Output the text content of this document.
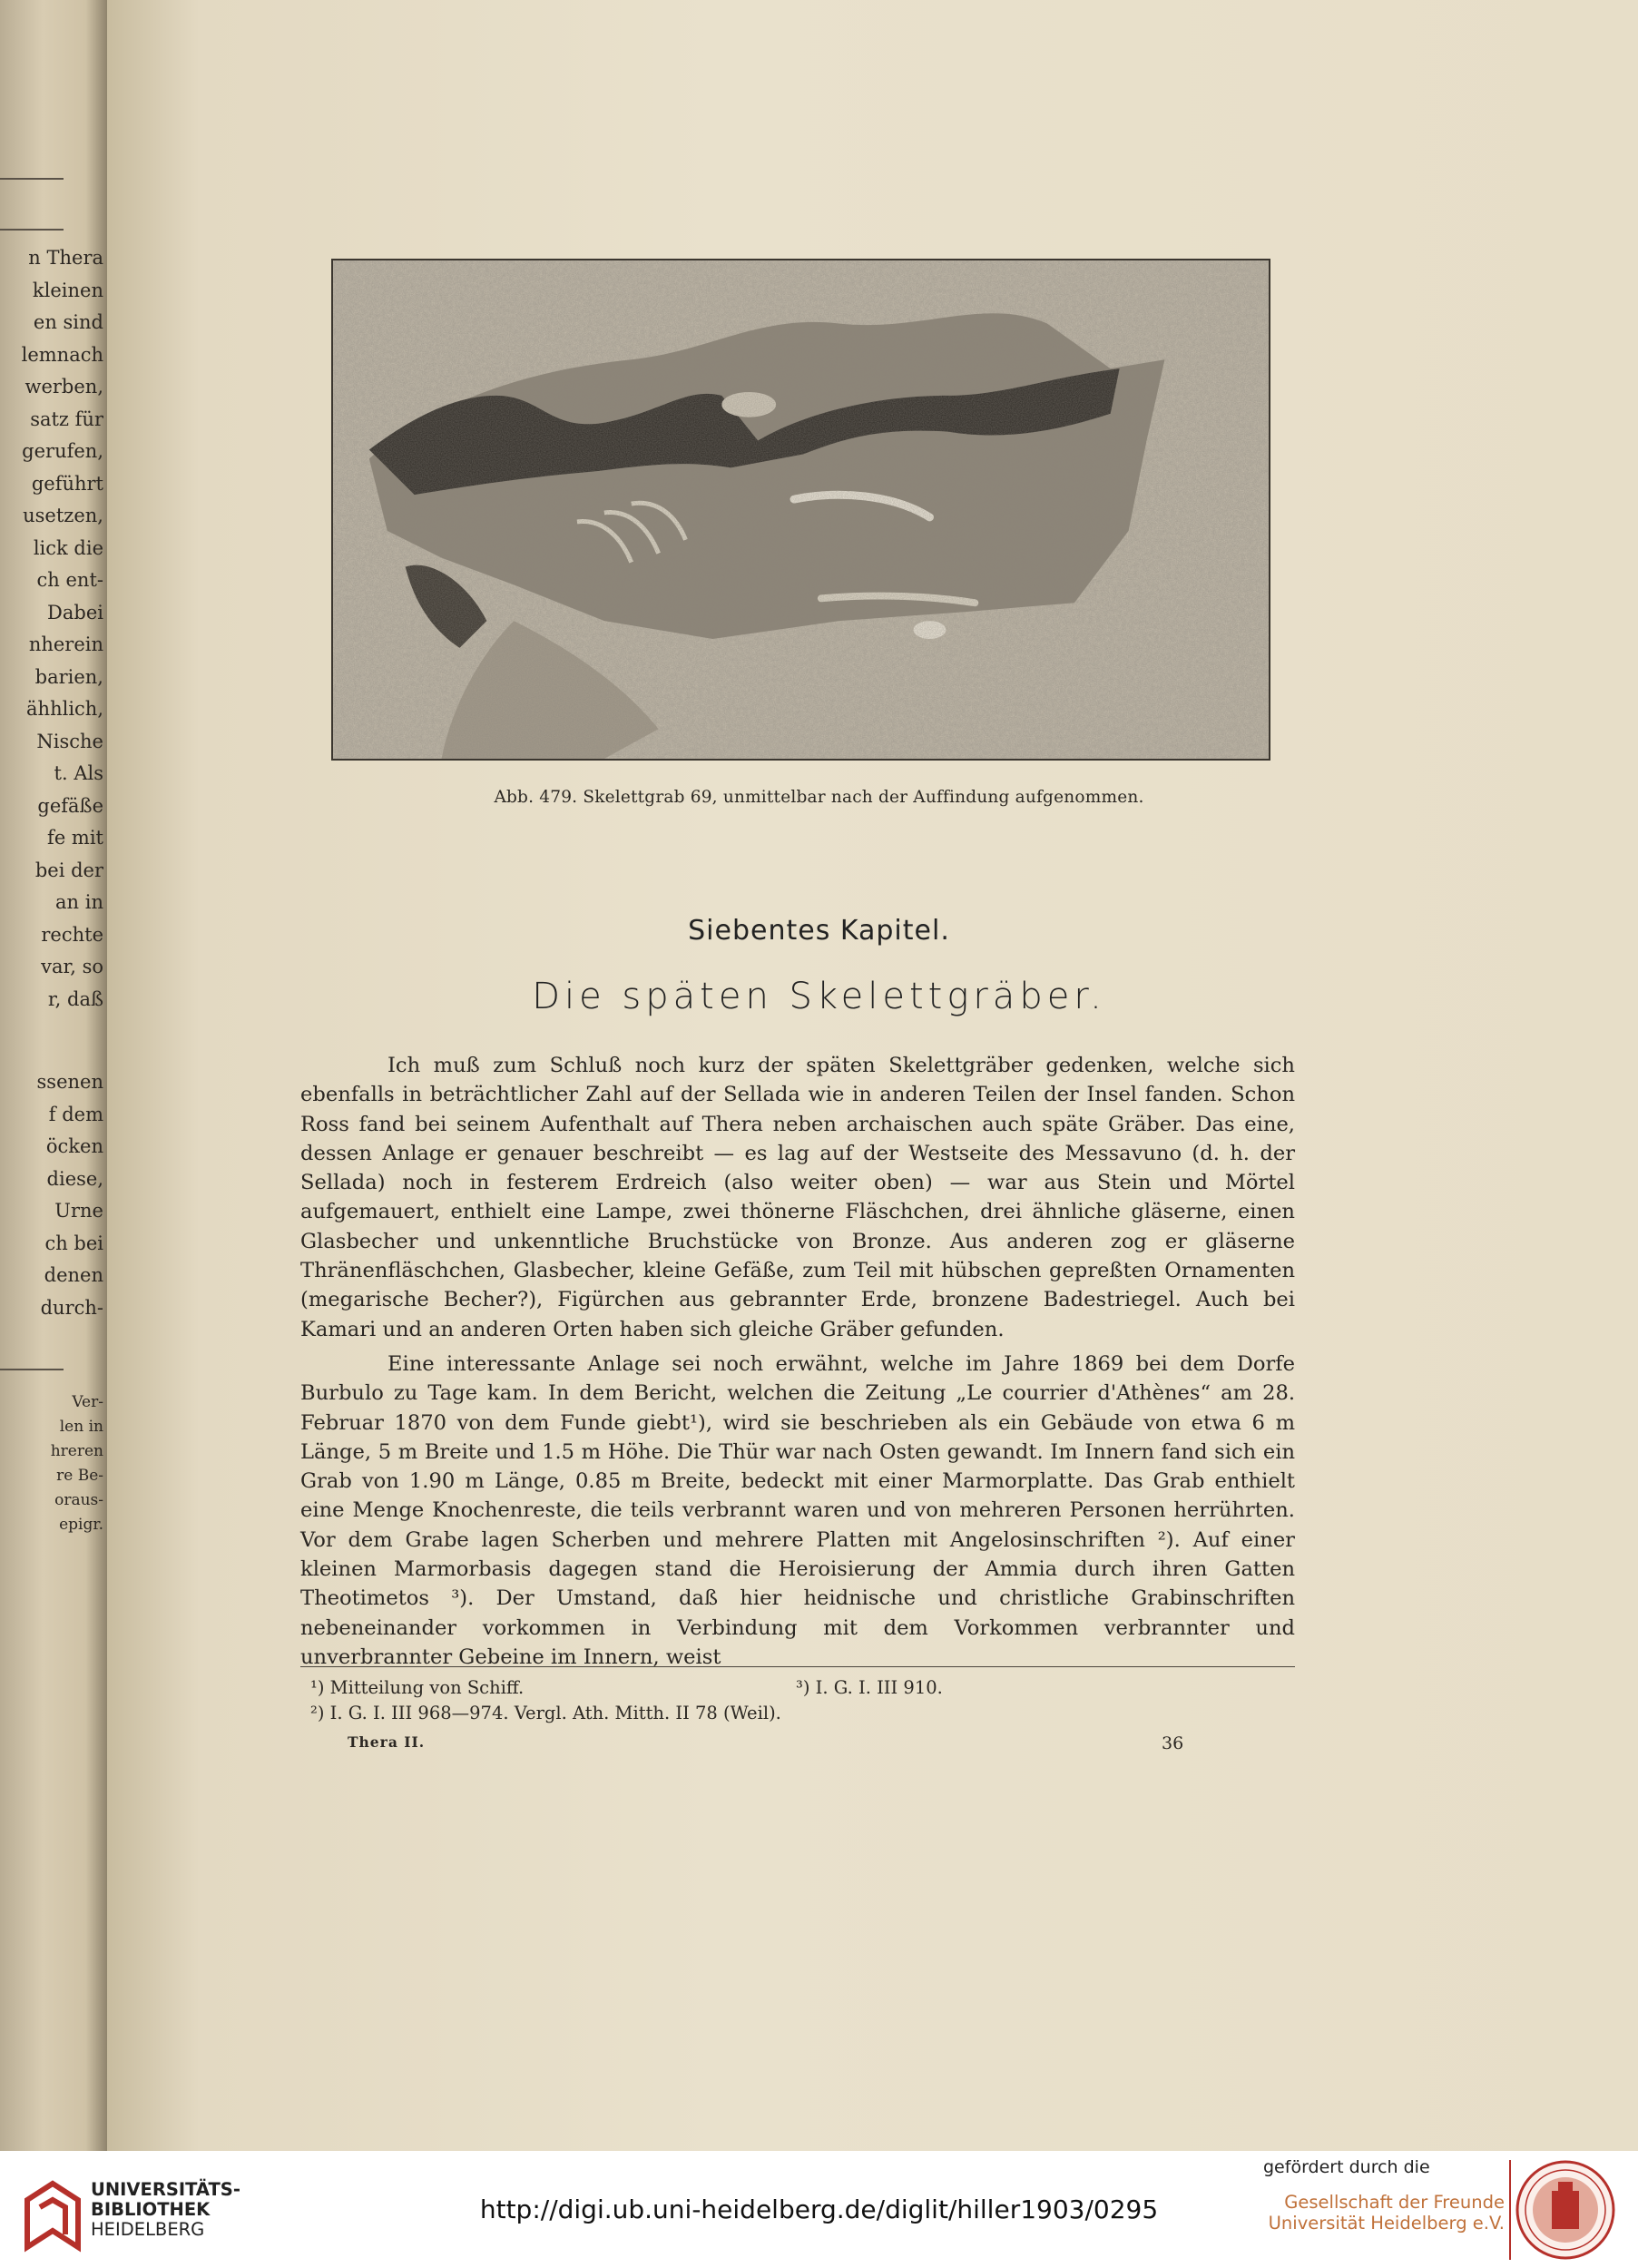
n Thera
kleinen
en sind
lemnach
werben,
satz für
gerufen,
geführt
usetzen,
lick die
ch ent-
Dabei
nherein
barien,
ähhlich,
Nische
t. Als
gefäße
fe mit
bei der
an in
rechte
var, so
r, daß
ssenen
f dem
öcken
diese,
Urne
ch bei
denen
durch-
Ver-
len in
hreren
re Be-
oraus-
epigr.
Abb. 479. Skelettgrab 69, unmittelbar nach der Auffindung aufgenommen.
Siebentes Kapitel.
Die späten Skelettgräber.

Ich muß zum Schluß noch kurz der späten Skelettgräber gedenken, welche sich ebenfalls in beträchtlicher Zahl auf der Sellada wie in anderen Teilen der Insel fanden. Schon Ross fand bei seinem Aufenthalt auf Thera neben archaischen auch späte Gräber. Das eine, dessen Anlage er genauer beschreibt — es lag auf der Westseite des Messavuno (d. h. der Sellada) noch in festerem Erdreich (also weiter oben) — war aus Stein und Mörtel aufgemauert, enthielt eine Lampe, zwei thönerne Fläschchen, drei ähnliche gläserne, einen Glasbecher und unkenntliche Bruchstücke von Bronze. Aus anderen zog er gläserne Thränenfläschchen, Glasbecher, kleine Gefäße, zum Teil mit hübschen gepreßten Ornamenten (megarische Becher?), Figürchen aus gebrannter Erde, bronzene Badestriegel. Auch bei Kamari und an anderen Orten haben sich gleiche Gräber gefunden.

Eine interessante Anlage sei noch erwähnt, welche im Jahre 1869 bei dem Dorfe Burbulo zu Tage kam. In dem Bericht, welchen die Zeitung „Le courrier d'Athènes“ am 28. Februar 1870 von dem Funde giebt¹), wird sie beschrieben als ein Gebäude von etwa 6 m Länge, 5 m Breite und 1.5 m Höhe. Die Thür war nach Osten gewandt. Im Innern fand sich ein Grab von 1.90 m Länge, 0.85 m Breite, bedeckt mit einer Marmorplatte. Das Grab enthielt eine Menge Knochenreste, die teils verbrannt waren und von mehreren Personen herrührten. Vor dem Grabe lagen Scherben und mehrere Platten mit Angelosinschriften ²). Auf einer kleinen Marmorbasis dagegen stand die Heroisierung der Ammia durch ihren Gatten Theotimetos ³). Der Umstand, daß hier heidnische und christliche Grabinschriften nebeneinander vorkommen in Verbindung mit dem Vorkommen verbrannter und unverbrannter Gebeine im Innern, weist

¹) Mitteilung von Schiff.
²) I. G. I. III 968—974. Vergl. Ath. Mitth. II 78 (Weil).
³) I. G. I. III 910.
Thera II.	36
UNIVERSITÄTS-
BIBLIOTHEK
HEIDELBERG
http://digi.ub.uni-heidelberg.de/diglit/hiller1903/0295
gefördert durch die
Gesellschaft der Freunde
Universität Heidelberg e.V.
